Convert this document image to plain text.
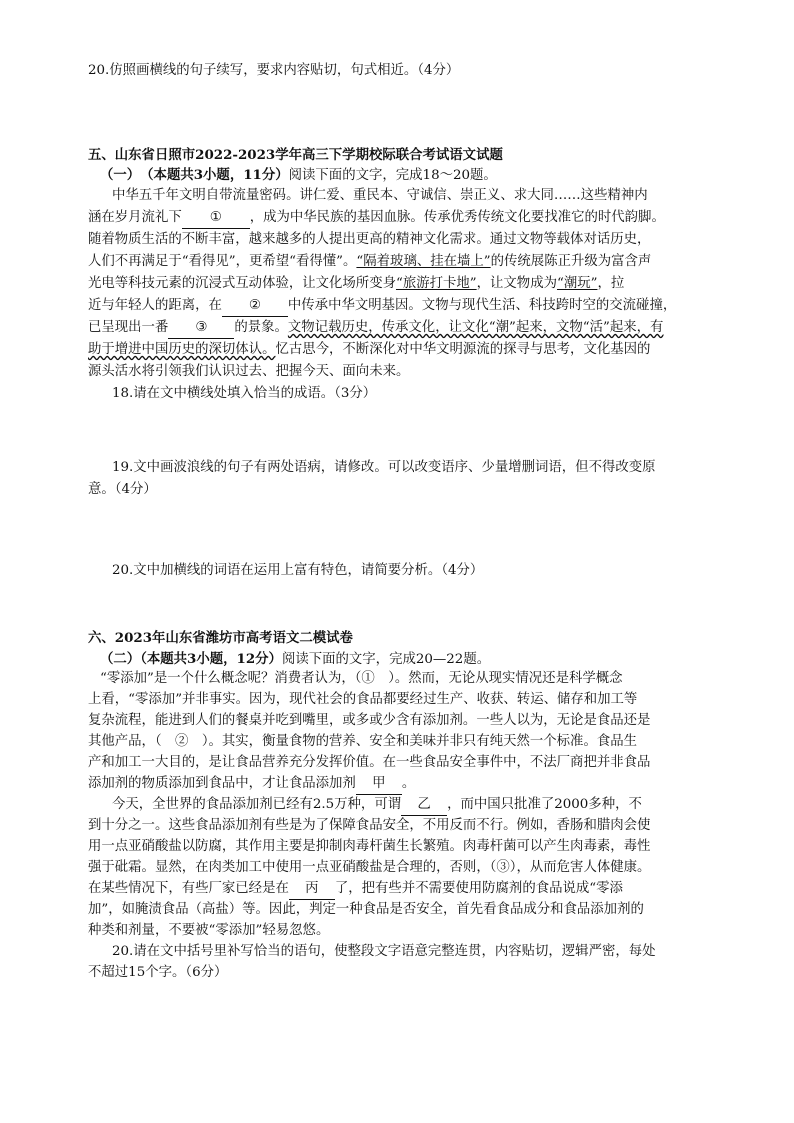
20.仿照画横线的句子续写，要求内容贴切，句式相近。（4分）
五、山东省日照市2022-2023学年高三下学期校际联合考试语文试题
（一）　（本题共3小题，11分）阅读下面的文字，完成18～20题。
中华五千年文明自带流量密码。讲仁爱、重民本、守诚信、崇正义、求大同……这些精神内
涵在岁月流礼下 ① ，成为中华民族的基因血脉。传承优秀传统文化要找准它的时代韵脚。
随着物质生活的不断丰富，越来越多的人提出更高的精神文化需求。通过文物等载体对话历史，
人们不再满足于“看得见”，更希望“看得懂”。“隔着玻璃、挂在墙上”的传统展陈正升级为富含声
光电等科技元素的沉浸式互动体验，让文化场所变身“旅游打卡地”，让文物成为“潮玩”，拉
近与年轻人的距离，在 ② 中传承中华文明基因。文物与现代生活、科技跨时空的交流碰撞，
已呈现出一番 ③ 的景象。文物记载历史，传承文化，让文化“潮”起来，文物“活”起来，有
助于增进中国历史的深切体认。忆古思今，不断深化对中华文明源流的探寻与思考，文化基因的
源头活水将引领我们认识过去、把握今天、面向未来。
18.请在文中横线处填入恰当的成语。（3分）
19.文中画波浪线的句子有两处语病，请修改。可以改变语序、少量增删词语，但不得改变原
意。（4分）
20.文中加横线的词语在运用上富有特色，请简要分析。（4分）
六、2023年山东省潍坊市高考语文二模试卷
（二）（本题共3小题，12分）阅读下面的文字，完成20—22题。
“零添加”是一个什么概念呢？消费者认为，（①　）。然而，无论从现实情况还是科学概念
上看，“零添加”并非事实。因为，现代社会的食品都要经过生产、收获、转运、储存和加工等
复杂流程，能进到人们的餐桌并吃到嘴里，或多或少含有添加剂。一些人以为，无论是食品还是
其他产品，（　②　）。其实，衡量食物的营养、安全和美味并非只有纯天然一个标准。食品生
产和加工一大目的，是让食品营养充分发挥价值。在一些食品安全事件中，不法厂商把并非食品
添加剂的物质添加到食品中，才让食品添加剂 甲 。
今天，全世界的食品添加剂已经有2.5万种，可谓 乙 ，而中国只批准了2000多种，不
到十分之一。这些食品添加剂有些是为了保障食品安全，不用反而不行。例如，香肠和腊肉会使
用一点亚硝酸盐以防腐，其作用主要是抑制肉毒杆菌生长繁殖。肉毒杆菌可以产生肉毒素，毒性
强于砒霜。显然，在肉类加工中使用一点亚硝酸盐是合理的，否则，（③），从而危害人体健康。
在某些情况下，有些厂家已经是在 丙 了，把有些并不需要使用防腐剂的食品说成“零添
加”，如腌渍食品（高盐）等。因此，判定一种食品是否安全，首先看食品成分和食品添加剂的
种类和剂量，不要被“零添加”轻易忽悠。
20.请在文中括号里补写恰当的语句，使整段文字语意完整连贯，内容贴切，逻辑严密，每处
不超过15个字。（6分）
